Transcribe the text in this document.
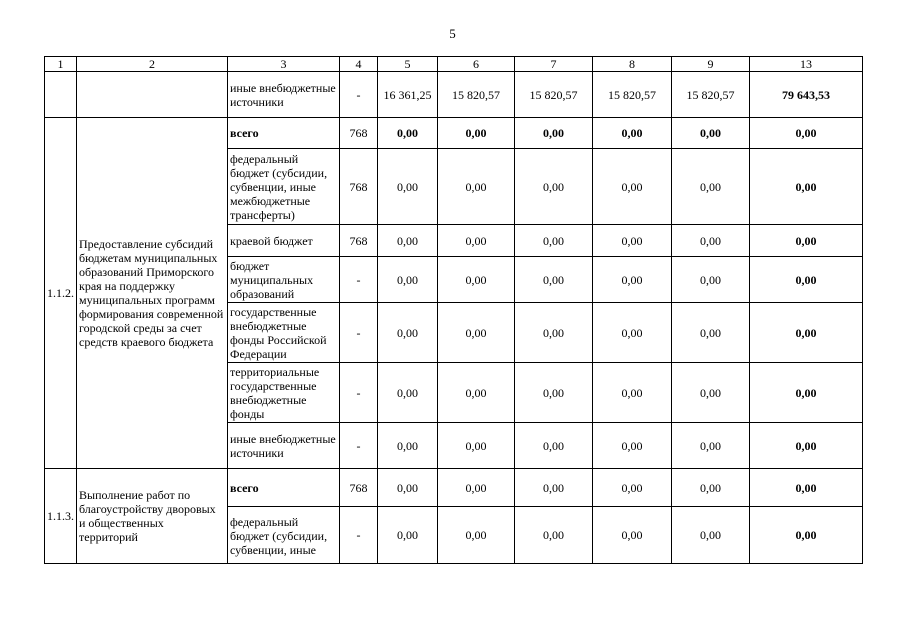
5
1	2	3	4	5	6	7	8	9	13
		иные внебюджетные источники	-	16 361,25	15 820,57	15 820,57	15 820,57	15 820,57	79 643,53
1.1.2.	Предоставление субсидий бюджетам муниципальных образований Приморского края на поддержку муниципальных программ формирования современной городской среды за счет средств краевого бюджета	всего	768	0,00	0,00	0,00	0,00	0,00	0,00
		федеральный бюджет (субсидии, субвенции, иные межбюджетные трансферты)	768	0,00	0,00	0,00	0,00	0,00	0,00
		краевой бюджет	768	0,00	0,00	0,00	0,00	0,00	0,00
		бюджет муниципальных образований	-	0,00	0,00	0,00	0,00	0,00	0,00
		государственные внебюджетные фонды Российской Федерации	-	0,00	0,00	0,00	0,00	0,00	0,00
		территориальные государственные внебюджетные фонды	-	0,00	0,00	0,00	0,00	0,00	0,00
		иные внебюджетные источники	-	0,00	0,00	0,00	0,00	0,00	0,00
1.1.3.	Выполнение работ по благоустройству дворовых и общественных территорий	всего	768	0,00	0,00	0,00	0,00	0,00	0,00
		федеральный бюджет (субсидии, субвенции, иные	-	0,00	0,00	0,00	0,00	0,00	0,00
